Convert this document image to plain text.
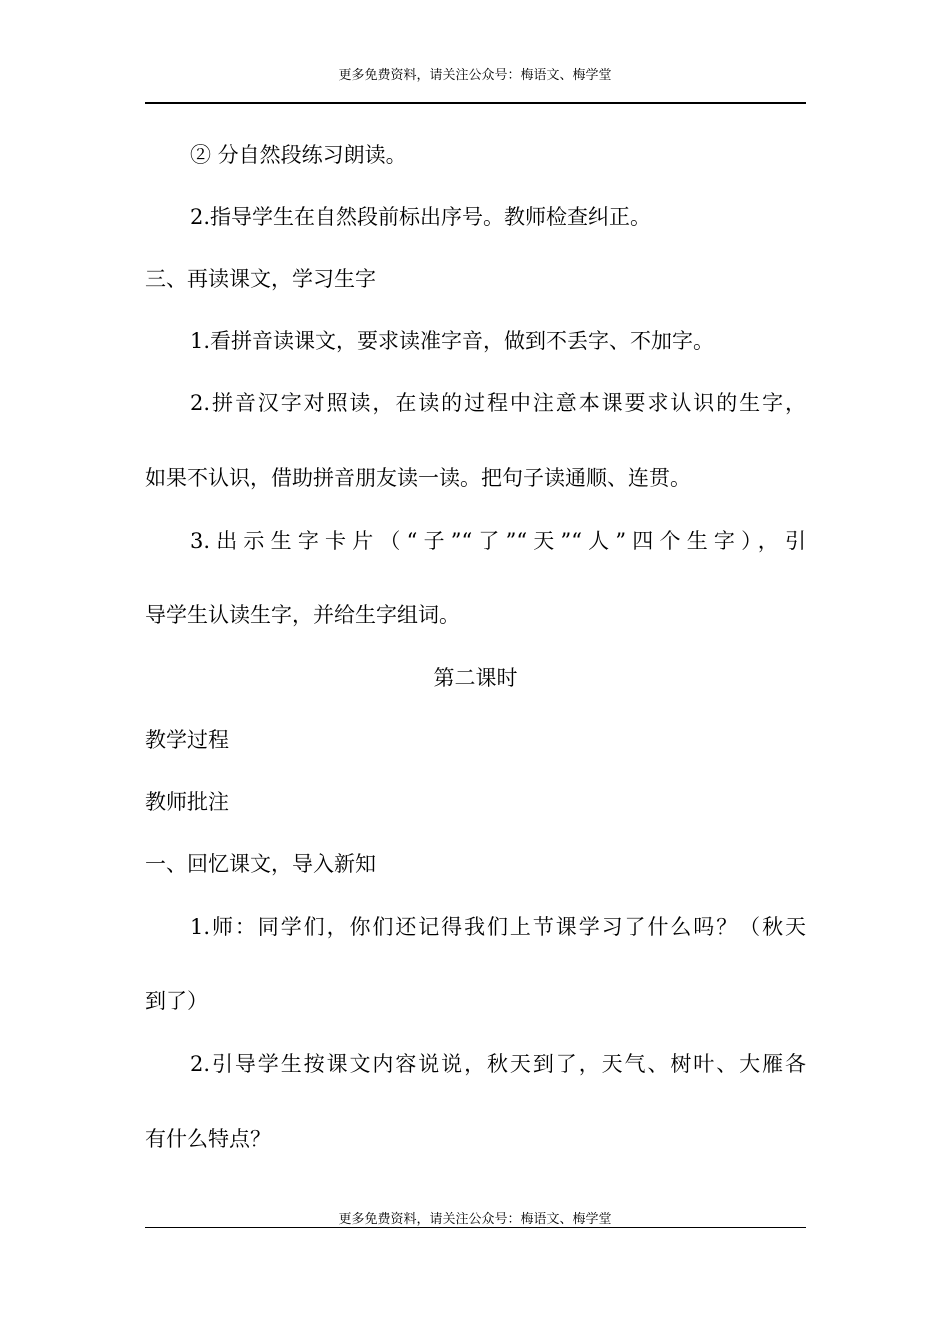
更多免费资料，请关注公众号：梅语文、梅学堂
② 分自然段练习朗读。
2.指导学生在自然段前标出序号。教师检查纠正。
三、再读课文，学习生字
1.看拼音读课文，要求读准字音，做到不丢字、不加字。
2.拼音汉字对照读，在读的过程中注意本课要求认识的生字，
如果不认识，借助拼音朋友读一读。把句子读通顺、连贯。
3.出示生字卡片（“子”“了”“天”“人”四个生字），引
导学生认读生字，并给生字组词。
第二课时
教学过程
教师批注
一、回忆课文，导入新知
1.师：同学们，你们还记得我们上节课学习了什么吗？（秋天
到了）
2.引导学生按课文内容说说，秋天到了，天气、树叶、大雁各
有什么特点？
更多免费资料，请关注公众号：梅语文、梅学堂
